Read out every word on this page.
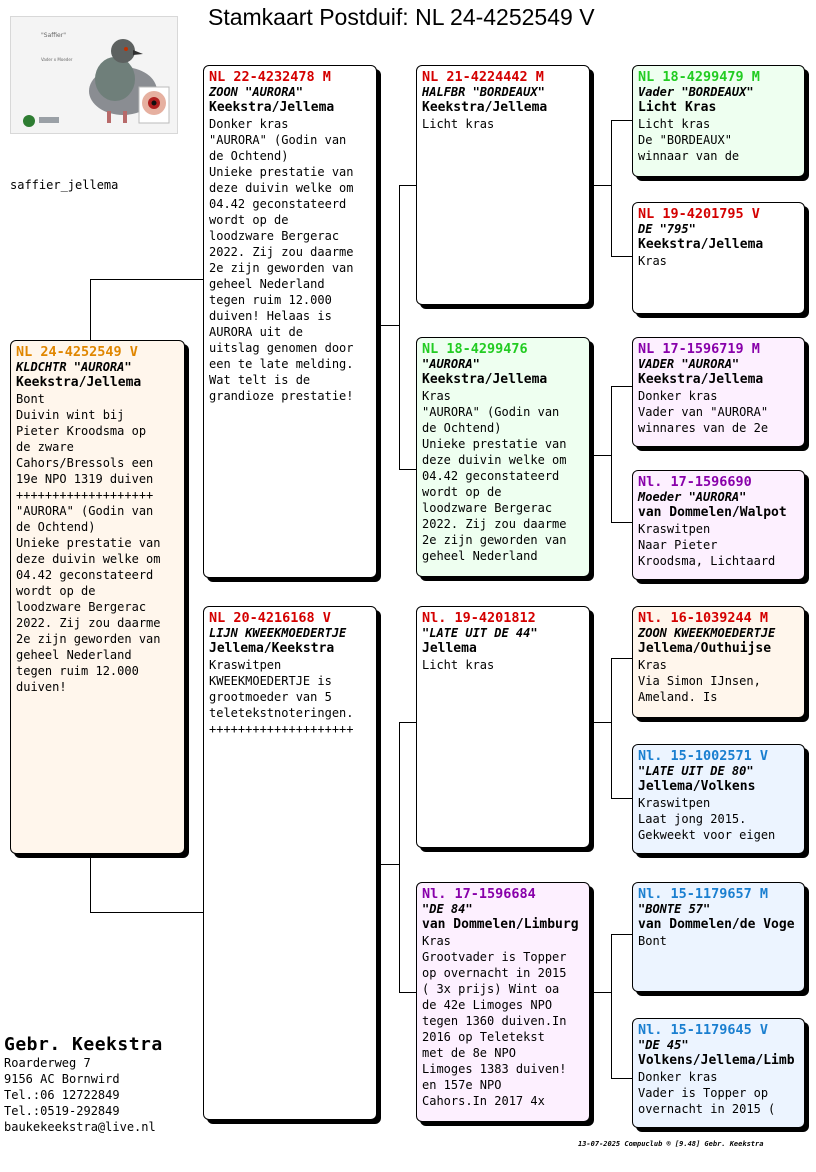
Stamkaart Postduif: NL 24-4252549 V
"Saffier"
Vader x Moeder
saffier_jellema
NL 24-4252549 V
KLDCHTR "AURORA"
Keekstra/Jellema
Bont
Duivin wint bij
Pieter Kroodsma op
de zware
Cahors/Bressols een
19e NPO 1319 duiven
+++++++++++++++++++
"AURORA" (Godin van
de Ochtend)
Unieke prestatie van
deze duivin welke om
04.42 geconstateerd
wordt op de
loodzware Bergerac
2022. Zij zou daarme
2e zijn geworden van
geheel Nederland
tegen ruim 12.000
duiven!
NL 22-4232478 M
ZOON "AURORA"
Keekstra/Jellema
Donker kras
"AURORA" (Godin van
de Ochtend)
Unieke prestatie van
deze duivin welke om
04.42 geconstateerd
wordt op de
loodzware Bergerac
2022. Zij zou daarme
2e zijn geworden van
geheel Nederland
tegen ruim 12.000
duiven! Helaas is
AURORA uit de
uitslag genomen door
een te late melding.
Wat telt is de
grandioze prestatie!
NL 20-4216168 V
LIJN KWEEKMOEDERTJE
Jellema/Keekstra
Kraswitpen
KWEEKMOEDERTJE is
grootmoeder van 5
teletekstnoteringen.
++++++++++++++++++++
NL 21-4224442 M
HALFBR "BORDEAUX"
Keekstra/Jellema
Licht kras
NL 18-4299476
"AURORA"
Keekstra/Jellema
Kras
"AURORA" (Godin van
de Ochtend)
Unieke prestatie van
deze duivin welke om
04.42 geconstateerd
wordt op de
loodzware Bergerac
2022. Zij zou daarme
2e zijn geworden van
geheel Nederland
Nl. 19-4201812
"LATE UIT DE 44"
Jellema
Licht kras
Nl. 17-1596684
"DE 84"
van Dommelen/Limburg
Kras
Grootvader is Topper
op overnacht in 2015
( 3x prijs) Wint oa
de 42e Limoges NPO
tegen 1360 duiven.In
2016 op Teletekst
met de 8e NPO
Limoges 1383 duiven!
en 157e NPO
Cahors.In 2017 4x
NL 18-4299479 M
Vader "BORDEAUX"
Licht Kras
Licht kras
De "BORDEAUX"
winnaar van de
NL 19-4201795 V
DE "795"
Keekstra/Jellema
Kras
NL 17-1596719 M
VADER "AURORA"
Keekstra/Jellema
Donker kras
Vader van "AURORA"
winnares van de 2e
Nl. 17-1596690
Moeder "AURORA"
van Dommelen/Walpot
Kraswitpen
Naar Pieter
Kroodsma, Lichtaard
Nl. 16-1039244 M
ZOON KWEEKMOEDERTJE
Jellema/Outhuijse
Kras
Via Simon IJnsen,
Ameland. Is
Nl. 15-1002571 V
"LATE UIT DE 80"
Jellema/Volkens
Kraswitpen
Laat jong 2015.
Gekweekt voor eigen
Nl. 15-1179657 M
"BONTE 57"
van Dommelen/de Voge
Bont
Nl. 15-1179645 V
"DE 45"
Volkens/Jellema/Limb
Donker kras
Vader is Topper op
overnacht in 2015 (
Gebr. Keekstra
Roarderweg 7
9156 AC Bornwird
Tel.:06 12722849
Tel.:0519-292849
baukekeekstra@live.nl
13-07-2025 Compuclub ® [9.48] Gebr. Keekstra
